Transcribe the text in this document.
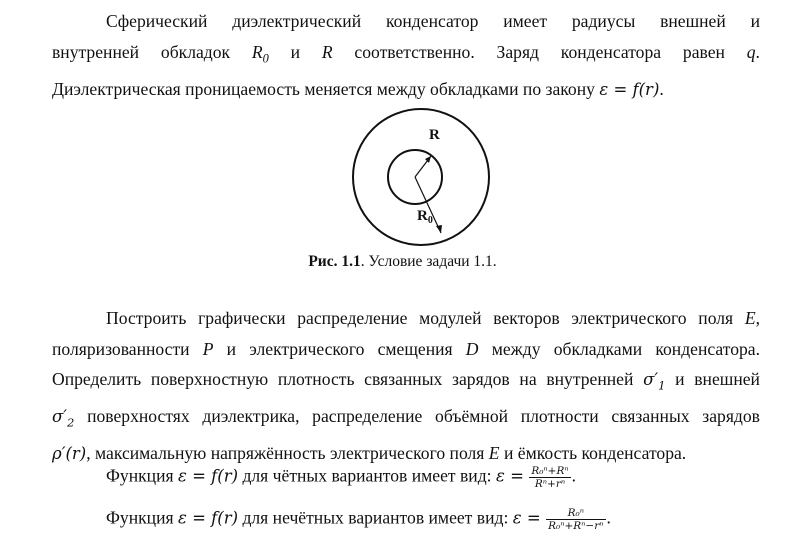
Сферический диэлектрический конденсатор имеет радиусы внешней и
внутренней обкладок $R_0$ и R соответственно. Заряд конденсатора равен q.
Диэлектрическая проницаемость меняется между обкладками по закону ε = f(r).
R
$R_0$
Рис. 1.1. Условие задачи 1.1.
Построить графически распределение модулей векторов электрического поля E,
поляризованности P и электрического смещения D между обкладками конденсатора.
Определить поверхностную плотность связанных зарядов на внутренней $\sigma'_1$ и внешней
$\sigma'_2$ поверхностях диэлектрика, распределение объёмной плотности связанных зарядов
ρ′(r), максимальную напряжённость электрического поля E и ёмкость конденсатора.
Функция ε = f(r) для чётных вариантов имеет вид: $\varepsilon = \frac{\text{R₀ⁿ+Rⁿ}}{\text{Rⁿ+rⁿ}}$ .
Функция ε = f(r) для нечётных вариантов имеет вид: $\varepsilon = \frac{\text{R₀ⁿ}}{\text{R₀ⁿ+Rⁿ−rⁿ}}$ .
